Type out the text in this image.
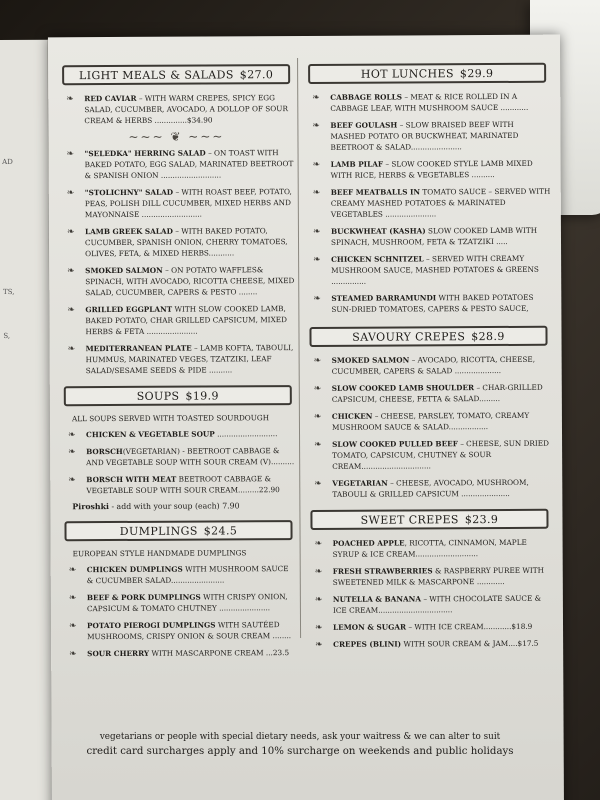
AD
TS,
S,
LIGHT MEALS & SALADS $27.0
❧ RED CAVIAR – WITH WARM CREPES, SPICY EGG SALAD, CUCUMBER, AVOCADO, A DOLLOP OF SOUR CREAM & HERBS ..............$34.90
~~~ ❦ ~~~
❧ "SELEDKA" HERRING SALAD – ON TOAST WITH BAKED POTATO, EGG SALAD, MARINATED BEETROOT & SPANISH ONION ..........................
❧ "STOLICHNY" SALAD – WITH ROAST BEEF, POTATO, PEAS, POLISH DILL CUCUMBER, MIXED HERBS AND MAYONNAISE ..........................
❧ LAMB GREEK SALAD – WITH BAKED POTATO, CUCUMBER, SPANISH ONION, CHERRY TOMATOES, OLIVES, FETA, & MIXED HERBS...........
❧ SMOKED SALMON – ON POTATO WAFFLES& SPINACH, WITH AVOCADO, RICOTTA CHEESE, MIXED SALAD, CUCUMBER, CAPERS & PESTO ........
❧ GRILLED EGGPLANT WITH SLOW COOKED LAMB, BAKED POTATO, CHAR GRILLED CAPSICUM, MIXED HERBS & FETA ......................
❧ MEDITERRANEAN PLATE – LAMB KOFTA, TABOULI, HUMMUS, MARINATED VEGES, TZATZIKI, LEAF SALAD/SESAME SEEDS & PIDE ..........
SOUPS $19.9
ALL SOUPS SERVED WITH TOASTED SOURDOUGH
❧ CHICKEN & VEGETABLE SOUP ..........................
❧ BORSCH(VEGETARIAN) - BEETROOT CABBAGE & AND VEGETABLE SOUP WITH SOUR CREAM (V)..........
❧ BORSCH WITH MEAT BEETROOT CABBAGE & VEGETABLE SOUP WITH SOUR CREAM.........22.90
Piroshki - add with your soup (each) 7.90
DUMPLINGS $24.5
EUROPEAN STYLE HANDMADE DUMPLINGS
❧ CHICKEN DUMPLINGS WITH MUSHROOM SAUCE & CUCUMBER SALAD.......................
❧ BEEF & PORK DUMPLINGS WITH CRISPY ONION, CAPSICUM & TOMATO CHUTNEY ......................
❧ POTATO PIEROGI DUMPLINGS WITH SAUTÉED MUSHROOMS, CRISPY ONION & SOUR CREAM ........
❧ SOUR CHERRY WITH MASCARPONE CREAM ...23.5
HOT LUNCHES $29.9
❧ CABBAGE ROLLS – MEAT & RICE ROLLED IN A CABBAGE LEAF, WITH MUSHROOM SAUCE ............
❧ BEEF GOULASH – SLOW BRAISED BEEF WITH MASHED POTATO OR BUCKWHEAT, MARINATED BEETROOT & SALAD......................
❧ LAMB PILAF – SLOW COOKED STYLE LAMB MIXED WITH RICE, HERBS & VEGETABLES ..........
❧ BEEF MEATBALLS IN TOMATO SAUCE – SERVED WITH CREAMY MASHED POTATOES & MARINATED VEGETABLES ......................
❧ BUCKWHEAT (KASHA) SLOW COOKED LAMB WITH SPINACH, MUSHROOM, FETA & TZATZIKI .....
❧ CHICKEN SCHNITZEL – SERVED WITH CREAMY MUSHROOM SAUCE, MASHED POTATOES & GREENS ...............
❧ STEAMED BARRAMUNDI WITH BAKED POTATOES SUN-DRIED TOMATOES, CAPERS & PESTO SAUCE,
SAVOURY CREPES $28.9
❧ SMOKED SALMON – AVOCADO, RICOTTA, CHEESE, CUCUMBER, CAPERS & SALAD ....................
❧ SLOW COOKED LAMB SHOULDER – CHAR-GRILLED CAPSICUM, CHEESE, FETTA & SALAD.........
❧ CHICKEN – CHEESE, PARSLEY, TOMATO, CREAMY MUSHROOM SAUCE & SALAD.................
❧ SLOW COOKED PULLED BEEF – CHEESE, SUN DRIED TOMATO, CAPSICUM, CHUTNEY & SOUR CREAM..............................
❧ VEGETARIAN – CHEESE, AVOCADO, MUSHROOM, TABOULI & GRILLED CAPSICUM .....................
SWEET CREPES $23.9
❧ POACHED APPLE, RICOTTA, CINNAMON, MAPLE SYRUP & ICE CREAM...........................
❧ FRESH STRAWBERRIES & RASPBERRY PUREE WITH SWEETENED MILK & MASCARPONE ............
❧ NUTELLA & BANANA – WITH CHOCOLATE SAUCE & ICE CREAM................................
❧ LEMON & SUGAR – WITH ICE CREAM............$18.9
❧ CREPES (BLINI) WITH SOUR CREAM & JAM....$17.5
vegetarians or people with special dietary needs, ask your waitress & we can alter to suit
credit card surcharges apply and 10% surcharge on weekends and public holidays
